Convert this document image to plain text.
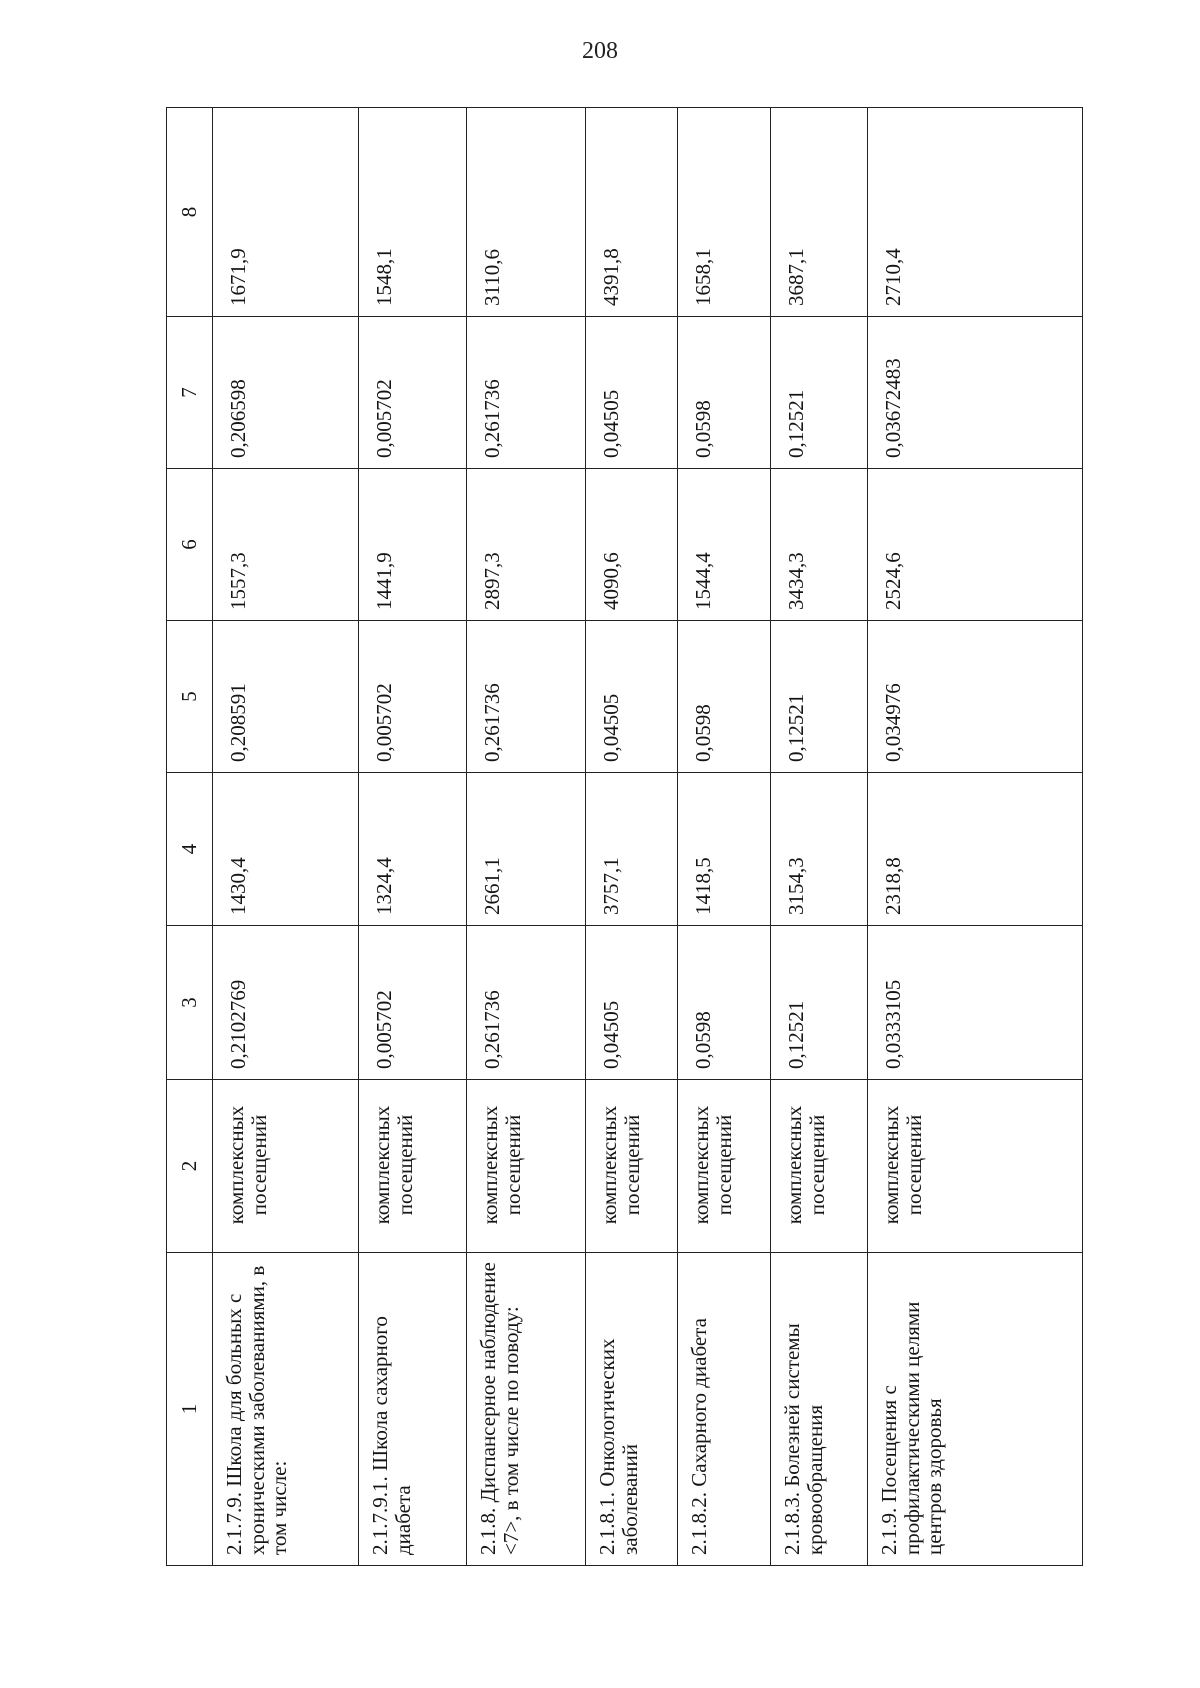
208
1	2	3	4	5	6	7	8
2.1.7.9. Школа для больных с хроническими заболеваниями, в том числе:	комплексных посещений	0,2102769	1430,4	0,208591	1557,3	0,206598	1671,9
2.1.7.9.1. Школа сахарного диабета	комплексных посещений	0,005702	1324,4	0,005702	1441,9	0,005702	1548,1
2.1.8. Диспансерное наблюдение <7>, в том числе по поводу:	комплексных посещений	0,261736	2661,1	0,261736	2897,3	0,261736	3110,6
2.1.8.1. Онкологических заболеваний	комплексных посещений	0,04505	3757,1	0,04505	4090,6	0,04505	4391,8
2.1.8.2. Сахарного диабета	комплексных посещений	0,0598	1418,5	0,0598	1544,4	0,0598	1658,1
2.1.8.3. Болезней системы кровообращения	комплексных посещений	0,12521	3154,3	0,12521	3434,3	0,12521	3687,1
2.1.9. Посещения с профилактическими целями центров здоровья	комплексных посещений	0,0333105	2318,8	0,034976	2524,6	0,03672483	2710,4
